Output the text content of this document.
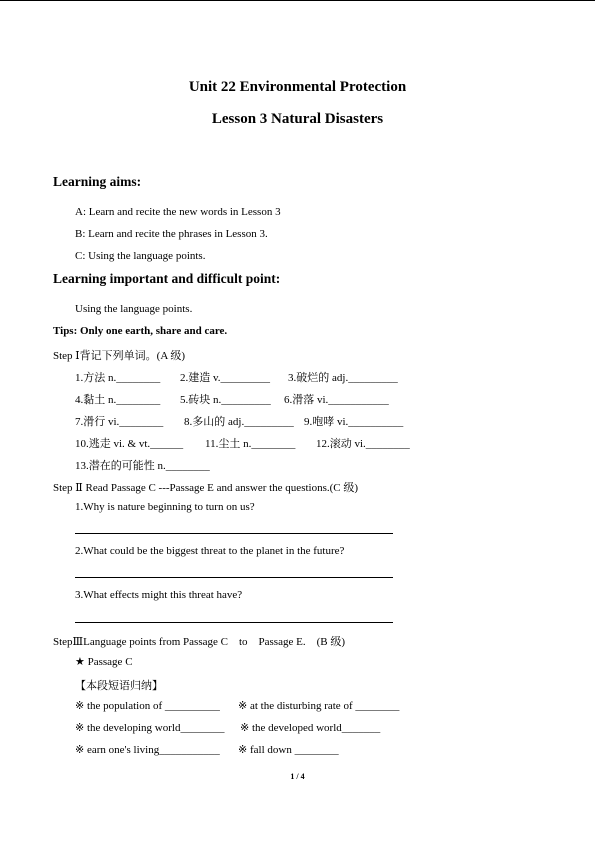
Unit 22 Environmental Protection
Lesson 3 Natural Disasters
Learning aims:
A: Learn and recite the new words in Lesson 3
B: Learn and recite the phrases in Lesson 3.
C: Using the language points.
Learning important and difficult point:
Using the language points.
Tips: Only one earth, share and care.
Step Ⅰ背记下列单词。(A 级)
1.方法 n.________ 2.建造 v._________ 3.破烂的 adj._________
4.黏土 n.________ 5.砖块 n._________ 6.滑落 vi.___________
7.滑行 vi.________ 8.多山的 adj._________ 9.咆哮 vi.__________
10.逃走 vi. & vt.______ 11.尘土 n.________ 12.滚动 vi.________
13.潜在的可能性 n.________
Step Ⅱ Read Passage C ---Passage E and answer the questions.(C 级)
1.Why is nature beginning to turn on us?
2.What could be the biggest threat to the planet in the future?
3.What effects might this threat have?
StepⅢLanguage points from Passage C    to    Passage E.    (B 级)
★ Passage C
【本段短语归纳】
※ the population of __________ ※ at the disturbing rate of ________
※ the developing world________ ※ the developed world_______
※ earn one's living___________ ※ fall down ________
1 / 4
